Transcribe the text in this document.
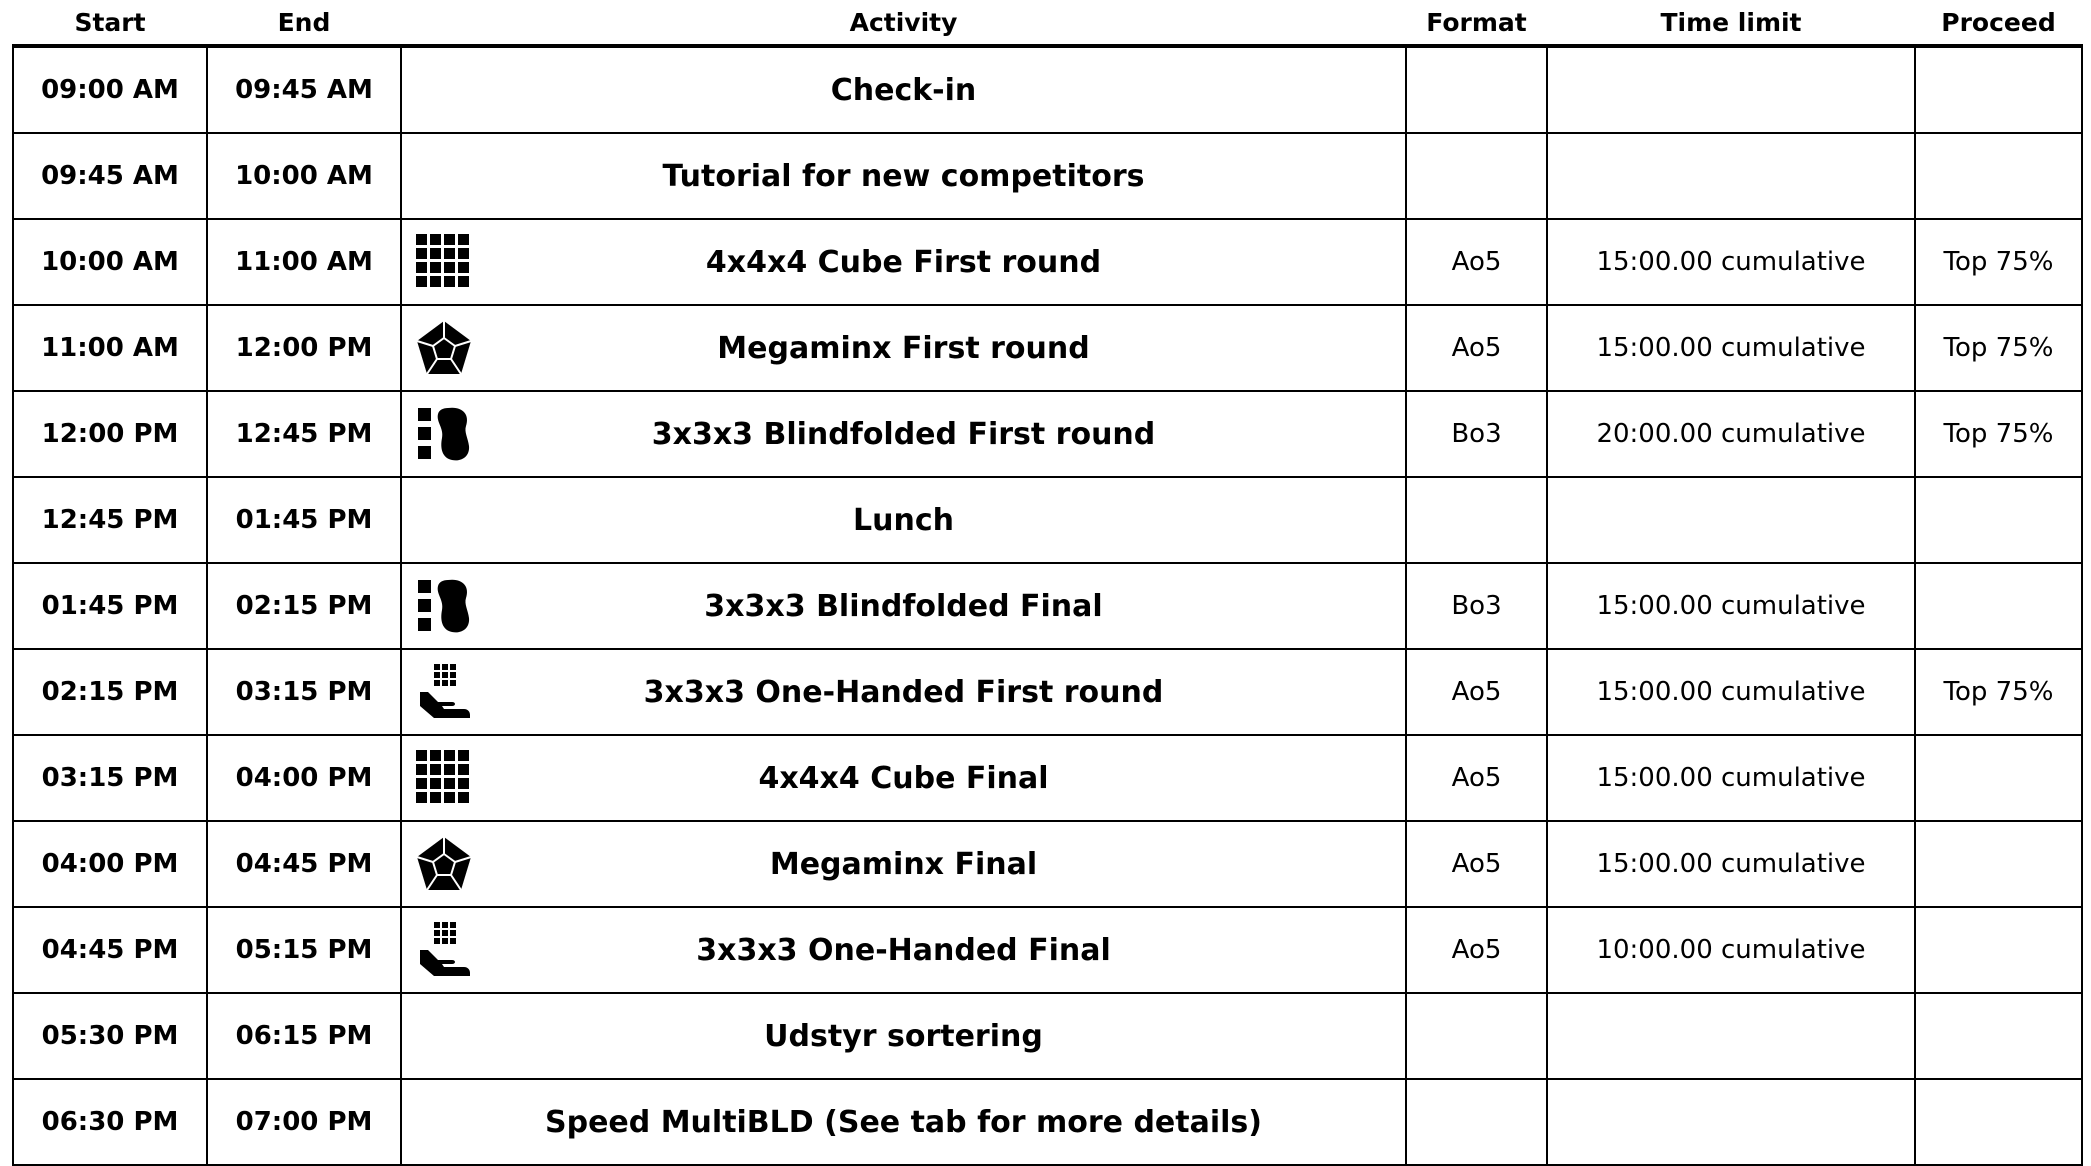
Start	End	Activity	Format	Time limit	Proceed
09:00 AM	09:45 AM	Check-in			
09:45 AM	10:00 AM	Tutorial for new competitors			
10:00 AM	11:00 AM	4x4x4 Cube First round	Ao5	15:00.00 cumulative	Top 75%
11:00 AM	12:00 PM	Megaminx First round	Ao5	15:00.00 cumulative	Top 75%
12:00 PM	12:45 PM	3x3x3 Blindfolded First round	Bo3	20:00.00 cumulative	Top 75%
12:45 PM	01:45 PM	Lunch			
01:45 PM	02:15 PM	3x3x3 Blindfolded Final	Bo3	15:00.00 cumulative	
02:15 PM	03:15 PM	3x3x3 One-Handed First round	Ao5	15:00.00 cumulative	Top 75%
03:15 PM	04:00 PM	4x4x4 Cube Final	Ao5	15:00.00 cumulative	
04:00 PM	04:45 PM	Megaminx Final	Ao5	15:00.00 cumulative	
04:45 PM	05:15 PM	3x3x3 One-Handed Final	Ao5	10:00.00 cumulative	
05:30 PM	06:15 PM	Udstyr sortering			
06:30 PM	07:00 PM	Speed MultiBLD (See tab for more details)			
